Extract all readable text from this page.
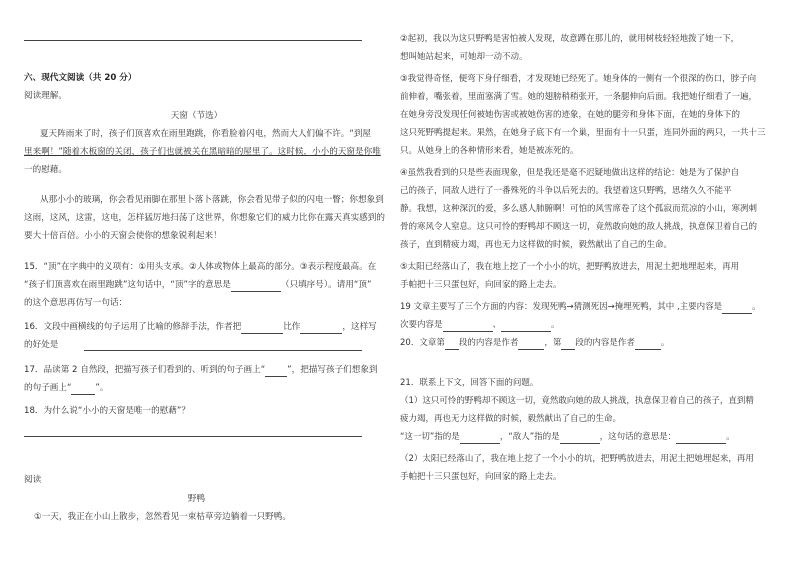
六、现代文阅读（共 20 分）
阅读理解。
天窗（节选）
夏天阵雨来了时，孩子们顶喜欢在雨里跑跳，你看脸着闪电，然而大人们偏不许。“到屋
里来啊！”随着木板窗的关闭，孩子们也就被关在黑暗暗的屋里了。这时候，小小的天窗是你唯
一的慰藉。
从那小小的玻璃，你会看见雨脚在那里卜落卜落跳，你会看见带子似的闪电一瞥；你想象到
这雨，这风，这雷，这电，怎样猛厉地扫荡了这世界，你想象它们的威力比你在露天真实感到的
要大十倍百倍。小小的天窗会使你的想象锐利起来！
15．“顶”在字典中的义项有：①用头支承。②人体或物体上最高的部分。③表示程度最高。在
“孩子们顶喜欢在雨里跑跳”这句话中，“顶”字的意思是	（只填序号）。请用“顶”
的这个意思再仿写一句话：
16．文段中画横线的句子运用了比喻的修辞手法，作者把	比作	，这样写
的好处是
17．品读第 2 自然段，把描写孩子们看到的、听到的句子画上“	”，把描写孩子们想象到
的句子画上“	”。
18．为什么说“小小的天窗是唯一的慰藉”？
阅读
野鸭
①一天，我正在小山上散步，忽然看见一束枯草旁边躺着一只野鸭。
②起初，我以为这只野鸭是害怕被人发现，故意蹲在那儿的，就用树枝轻轻地拨了她一下，
想叫她站起来，可她却一动不动。
③我觉得奇怪，便弯下身仔细看，才发现她已经死了。她身体的一侧有一个很深的伤口，脖子向
前伸着，嘴张着，里面塞满了雪。她的翅膀稍稍张开，一条腿伸向后面。我把她仔细看了一遍，
在她身旁没发现任何被她伤害或被她伤害的迹象，在她的腿旁和身体下面，在她的身体下的
这只死野鸭提起来。果然，在她身子底下有一个巢，里面有十一只蛋，连同外面的两只，一共十三
只。从她身上的各种情形来看，她是被冻死的。
④虽然我看到的只是些表面现象，但是我还是毫不迟疑地做出这样的结论：她是为了保护自
己的孩子，同敌人进行了一番殊死的斗争以后死去的。我望着这只野鸭，思绪久久不能平
静。我想，这种深沉的爱，多么感人肺腑啊！可怕的风雪席卷了这个孤寂而荒凉的小山，寒冽刺
骨的寒风令人窒息。这只可怜的野鸭却不顾这一切，竟然敢向她的敌人挑战，执意保卫着自己的
孩子，直到精疲力竭，再也无力这样做的时候，毅然献出了自己的生命。
⑤太阳已经落山了，我在地上挖了一个小小的坑，把野鸭放进去，用泥土把地埋起来，再用
手帕把十三只蛋包好，向回家的路上走去。
19 文章主要写了三个方面的内容：发现死鸭→猜测死因→掩埋死鸭，其中 ,主要内容是	。
次要内容是	、	。
20．文章第 段的内容是作者	，第 段的内容是作者	。
21．联系上下文，回答下面的问题。
（1）这只可怜的野鸭却不顾这一切，竟然敢向她的敌人挑战，执意保卫着自己的孩子，直到精
疲力竭，再也无力这样做的时候，毅然献出了自己的生命。
“这一切”指的是	，“敌人”指的是	，这句话的意思是：	。
（2）太阳已经落山了，我在地上挖了一个小小的坑，把野鸭放进去，用泥土把她埋起来，再用
手帕把十三只蛋包好，向回家的路上走去。
